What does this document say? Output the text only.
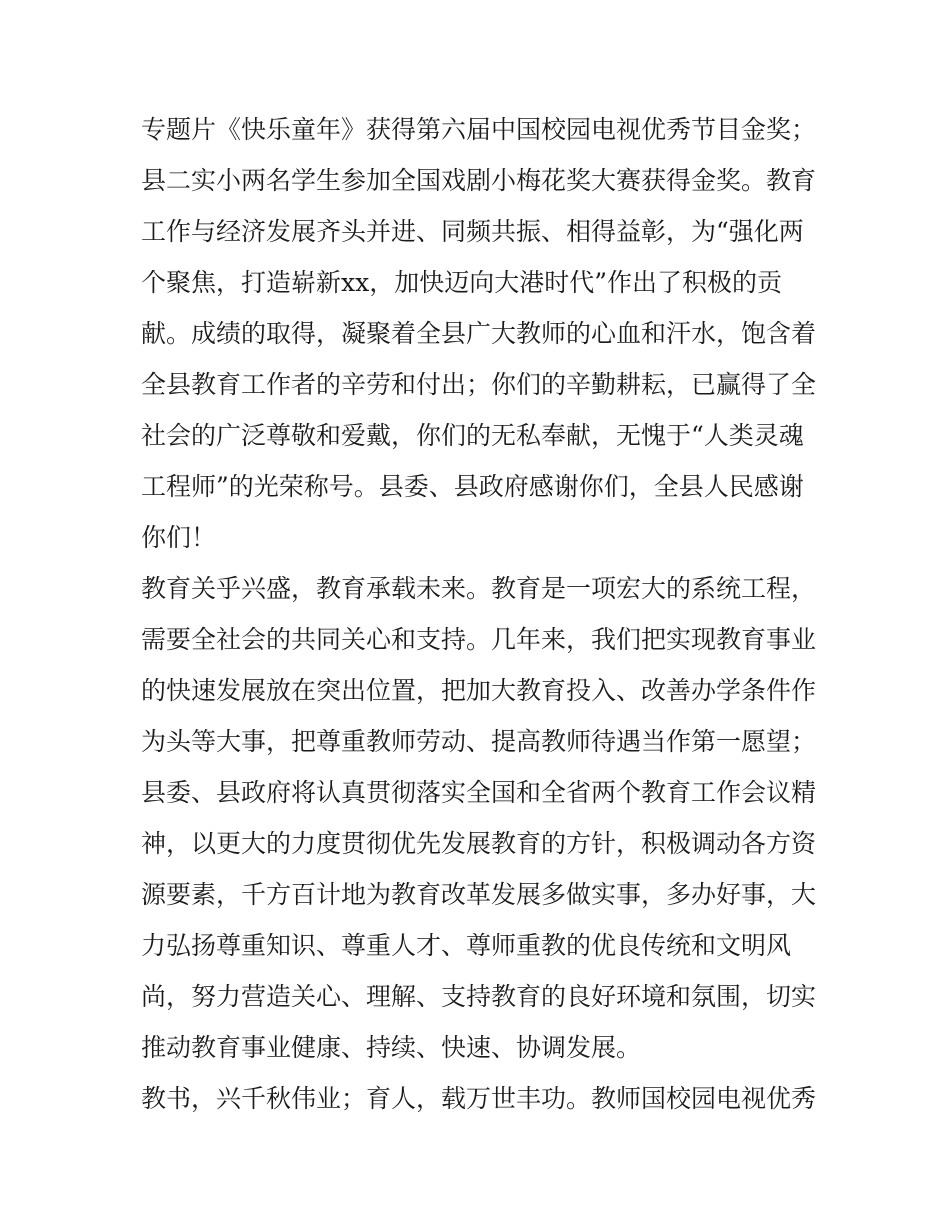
专题片《快乐童年》获得第六届中国校园电视优秀节目金奖；
县二实小两名学生参加全国戏剧小梅花奖大赛获得金奖。教育
工作与经济发展齐头并进、同频共振、相得益彰，为“强化两
个聚焦，打造崭新xx，加快迈向大港时代”作出了积极的贡
献。成绩的取得，凝聚着全县广大教师的心血和汗水，饱含着
全县教育工作者的辛劳和付出；你们的辛勤耕耘，已赢得了全
社会的广泛尊敬和爱戴，你们的无私奉献，无愧于“人类灵魂
工程师”的光荣称号。县委、县政府感谢你们，全县人民感谢
你们！
教育关乎兴盛，教育承载未来。教育是一项宏大的系统工程，
需要全社会的共同关心和支持。几年来，我们把实现教育事业
的快速发展放在突出位置，把加大教育投入、改善办学条件作
为头等大事，把尊重教师劳动、提高教师待遇当作第一愿望；
县委、县政府将认真贯彻落实全国和全省两个教育工作会议精
神，以更大的力度贯彻优先发展教育的方针，积极调动各方资
源要素，千方百计地为教育改革发展多做实事，多办好事，大
力弘扬尊重知识、尊重人才、尊师重教的优良传统和文明风
尚，努力营造关心、理解、支持教育的良好环境和氛围，切实
推动教育事业健康、持续、快速、协调发展。
教书，兴千秋伟业；育人，载万世丰功。教师国校园电视优秀
